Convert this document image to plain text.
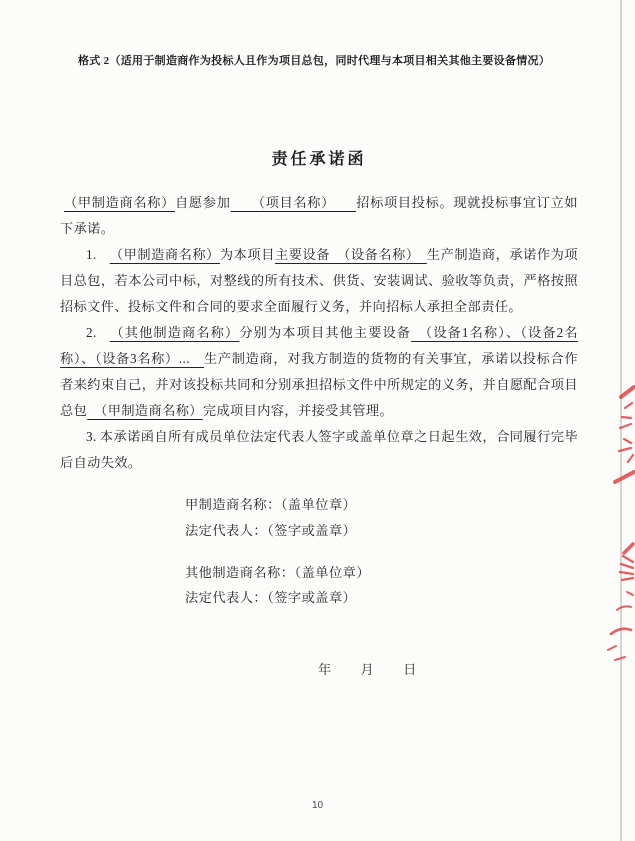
格式 2（适用于制造商作为投标人且作为项目总包，同时代理与本项目相关其他主要设备情况）
责任承诺函

（甲制造商名称）自愿参加　　（项目名称）　　招标项目投标。现就投标事宜订立如下承诺。

1. （甲制造商名称）为本项目主要设备　（设备名称）　生产制造商，承诺作为项目总包，若本公司中标，对整线的所有技术、供货、安装调试、验收等负责，严格按照招标文件、投标文件和合同的要求全面履行义务，并向招标人承担全部责任。

2. （其他制造商名称）分别为本项目其他主要设备　（设备1名称）、（设备2名称）、（设备3名称）...　生产制造商，对我方制造的货物的有关事宜，承诺以投标合作者来约束自己，并对该投标共同和分别承担招标文件中所规定的义务，并自愿配合项目总包　（甲制造商名称）完成项目内容，并接受其管理。

3. 本承诺函自所有成员单位法定代表人签字或盖单位章之日起生效，合同履行完毕后自动失效。

甲制造商名称：（盖单位章）
法定代表人：（签字或盖章）
其他制造商名称：（盖单位章）
法定代表人：（签字或盖章）
年　　月　　日
10
